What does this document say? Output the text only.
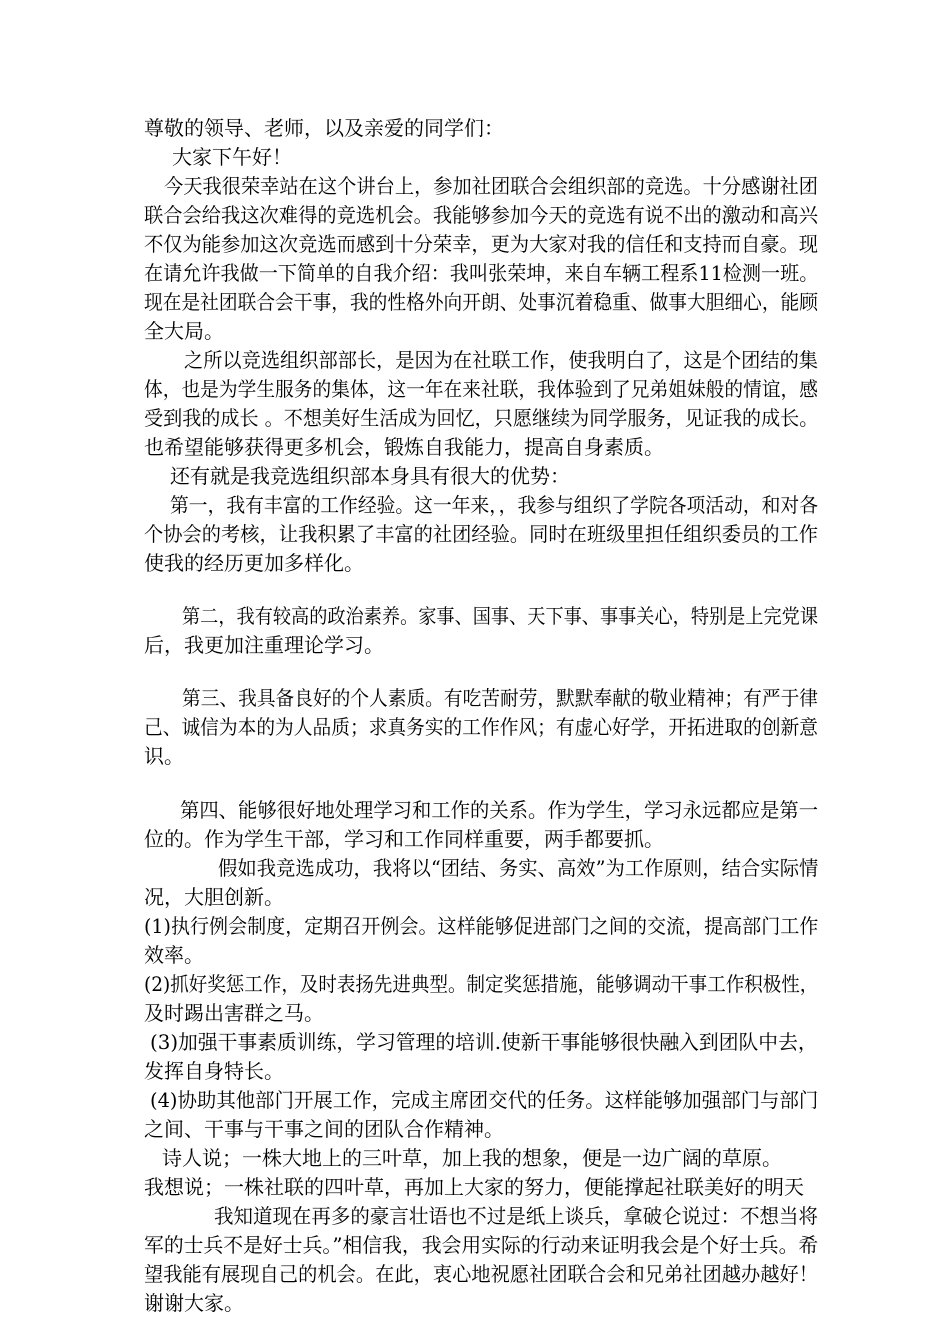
尊敬的领导、老师，以及亲爱的同学们：
大家下午好！
今天我很荣幸站在这个讲台上，参加社团联合会组织部的竞选。十分感谢社团
联合会给我这次难得的竞选机会。我能够参加今天的竞选有说不出的激动和高兴
不仅为能参加这次竞选而感到十分荣幸，更为大家对我的信任和支持而自豪。现
在请允许我做一下简单的自我介绍：我叫张荣坤，来自车辆工程系11检测一班。
现在是社团联合会干事，我的性格外向开朗、处事沉着稳重、做事大胆细心，能顾
全大局。
之所以竞选组织部部长，是因为在社联工作，使我明白了，这是个团结的集
体，也是为学生服务的集体，这一年在来社联，我体验到了兄弟姐妹般的情谊，感
受到我的成长 。不想美好生活成为回忆，只愿继续为同学服务，见证我的成长。
也希望能够获得更多机会，锻炼自我能力，提高自身素质。
还有就是我竞选组织部本身具有很大的优势：
第一，我有丰富的工作经验。这一年来，，我参与组织了学院各项活动，和对各
个协会的考核，让我积累了丰富的社团经验。同时在班级里担任组织委员的工作
使我的经历更加多样化。
第二，我有较高的政治素养。家事、国事、天下事、事事关心，特别是上完党课
后，我更加注重理论学习。
第三、我具备良好的个人素质。有吃苦耐劳，默默奉献的敬业精神；有严于律
己、诚信为本的为人品质；求真务实的工作作风；有虚心好学，开拓进取的创新意
识。
第四、能够很好地处理学习和工作的关系。作为学生，学习永远都应是第一
位的。作为学生干部，学习和工作同样重要，两手都要抓。
假如我竞选成功，我将以“团结、务实、高效”为工作原则，结合实际情
况，大胆创新。
(1)执行例会制度，定期召开例会。这样能够促进部门之间的交流，提高部门工作
效率。
(2)抓好奖惩工作，及时表扬先进典型。制定奖惩措施，能够调动干事工作积极性，
及时踢出害群之马。
(3)加强干事素质训练，学习管理的培训.使新干事能够很快融入到团队中去，
发挥自身特长。
(4)协助其他部门开展工作，完成主席团交代的任务。这样能够加强部门与部门
之间、干事与干事之间的团队合作精神。
诗人说；一株大地上的三叶草，加上我的想象，便是一边广阔的草原。
我想说；一株社联的四叶草，再加上大家的努力，便能撑起社联美好的明天
我知道现在再多的豪言壮语也不过是纸上谈兵，拿破仑说过：不想当将
军的士兵不是好士兵。”相信我，我会用实际的行动来证明我会是个好士兵。希
望我能有展现自己的机会。在此，衷心地祝愿社团联合会和兄弟社团越办越好！
谢谢大家。
